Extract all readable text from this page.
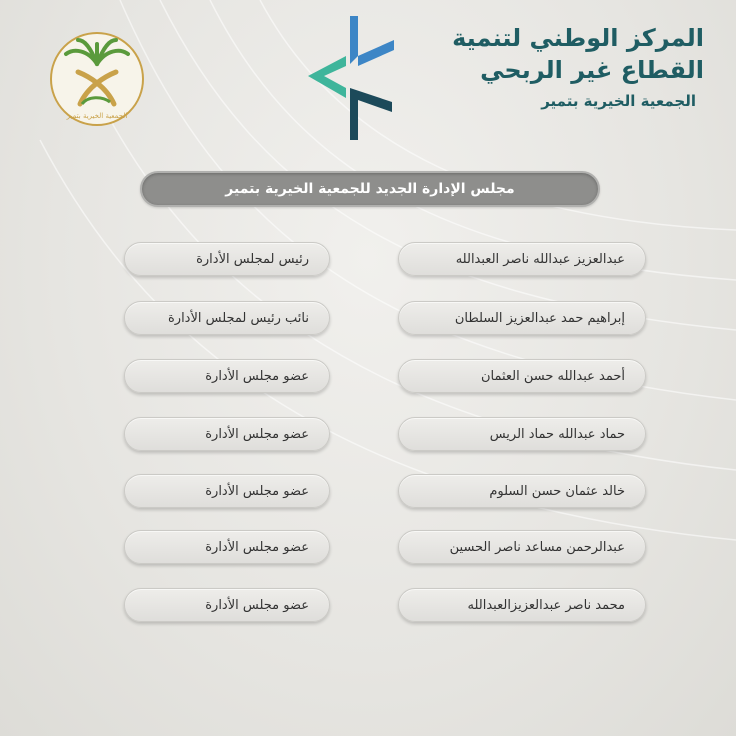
الجمعية الخيرية بتمير
المركز الوطني لتنمية
القطاع غير الربحي
الجمعية الخيرية بتمير
مجلس الإدارة الجديد للجمعية الخيرية بتمير
عبدالعزيز عبدالله ناصر العبدالله
رئيس لمجلس الأدارة
إبراهيم حمد عبدالعزيز السلطان
نائب رئيس لمجلس الأدارة
أحمد عبدالله حسن العثمان
عضو مجلس الأدارة
حماد عبدالله حماد الريس
عضو مجلس الأدارة
خالد عثمان حسن السلوم
عضو مجلس الأدارة
عبدالرحمن مساعد ناصر الحسين
عضو مجلس الأدارة
محمد ناصر عبدالعزيزالعبدالله
عضو مجلس الأدارة
